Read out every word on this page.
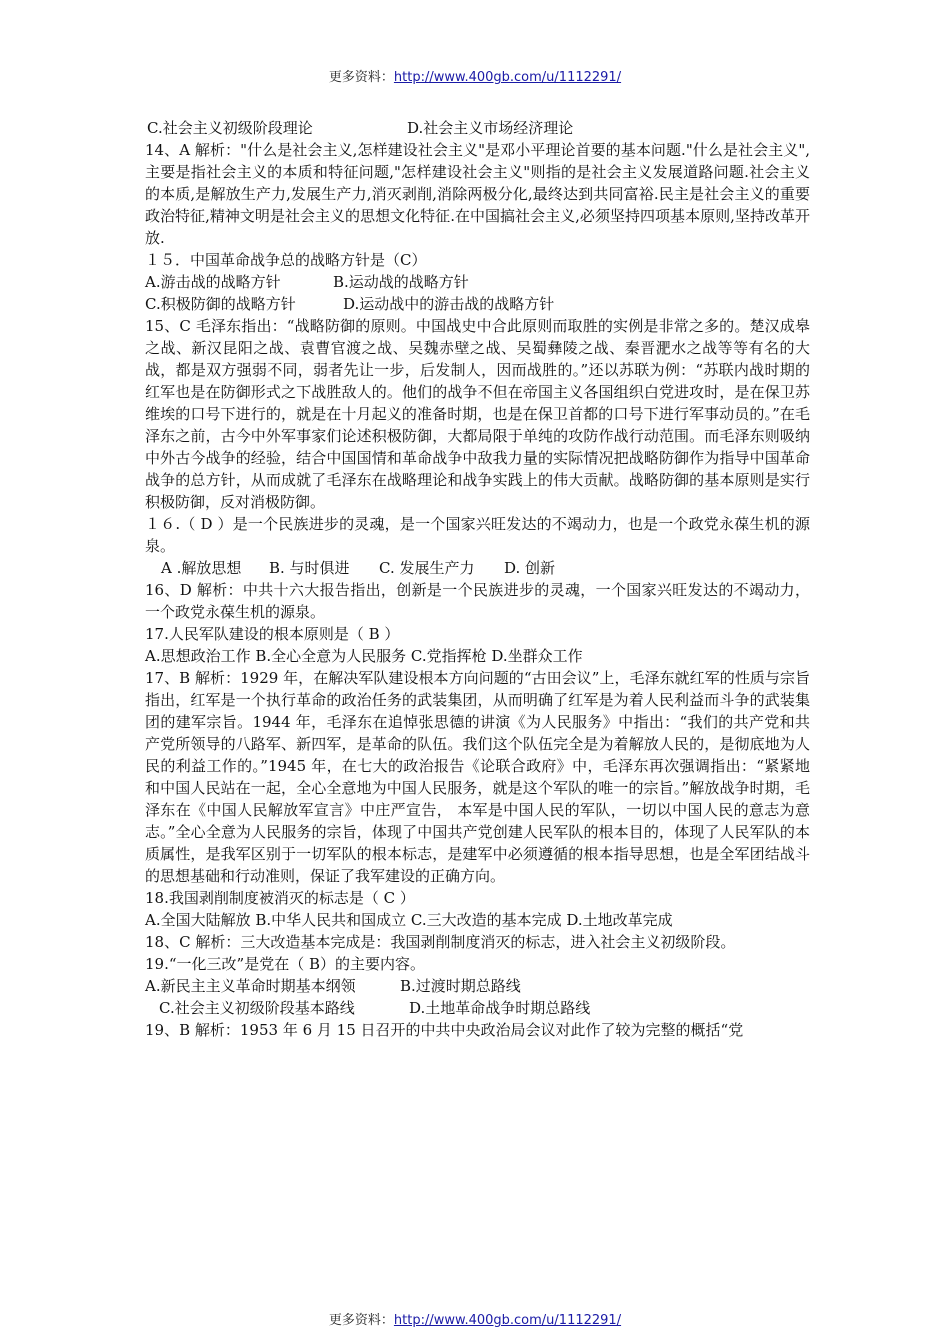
更多资料：http://www.400gb.com/u/1112291/

C.社会主义初级阶段理论	D.社会主义市场经济理论

14、A 解析："什么是社会主义,怎样建设社会主义"是邓小平理论首要的基本问题."什么是社会主义",主要是指社会主义的本质和特征问题,"怎样建设社会主义"则指的是社会主义发展道路问题.社会主义的本质,是解放生产力,发展生产力,消灭剥削,消除两极分化,最终达到共同富裕.民主是社会主义的重要政治特征,精神文明是社会主义的思想文化特征.在中国搞社会主义,必须坚持四项基本原则,坚持改革开放.

１５．中国革命战争总的战略方针是（C）

A.游击战的战略方针	B.运动战的战略方针

C.积极防御的战略方针	D.运动战中的游击战的战略方针

15、C 毛泽东指出：“战略防御的原则。中国战史中合此原则而取胜的实例是非常之多的。楚汉成皋之战、新汉昆阳之战、袁曹官渡之战、吴魏赤壁之战、吴蜀彝陵之战、秦晋淝水之战等等有名的大战，都是双方强弱不同，弱者先让一步，后发制人，因而战胜的。”还以苏联为例：“苏联内战时期的红军也是在防御形式之下战胜敌人的。他们的战争不但在帝国主义各国组织白党进攻时，是在保卫苏维埃的口号下进行的，就是在十月起义的准备时期，也是在保卫首都的口号下进行军事动员的。”在毛泽东之前，古今中外军事家们论述积极防御，大都局限于单纯的攻防作战行动范围。而毛泽东则吸纳中外古今战争的经验，结合中国国情和革命战争中敌我力量的实际情况把战略防御作为指导中国革命战争的总方针，从而成就了毛泽东在战略理论和战争实践上的伟大贡献。战略防御的基本原则是实行积极防御，反对消极防御。

１６.（ D ）是一个民族进步的灵魂，是一个国家兴旺发达的不竭动力，也是一个政党永葆生机的源泉。

A .解放思想 B. 与时俱进 C. 发展生产力 D. 创新

16、D 解析：中共十六大报告指出，创新是一个民族进步的灵魂，一个国家兴旺发达的不竭动力，一个政党永葆生机的源泉。

17.人民军队建设的根本原则是（ B ）

A.思想政治工作 B.全心全意为人民服务 C.党指挥枪 D.坐群众工作

17、B 解析：1929 年，在解决军队建设根本方向问题的“古田会议”上，毛泽东就红军的性质与宗旨指出，红军是一个执行革命的政治任务的武装集团，从而明确了红军是为着人民利益而斗争的武装集团的建军宗旨。1944 年，毛泽东在追悼张思德的讲演《为人民服务》中指出：“我们的共产党和共产党所领导的八路军、新四军，是革命的队伍。我们这个队伍完全是为着解放人民的，是彻底地为人民的利益工作的。”1945 年，在七大的政治报告《论联合政府》中，毛泽东再次强调指出：“紧紧地和中国人民站在一起，全心全意地为中国人民服务，就是这个军队的唯一的宗旨。”解放战争时期，毛泽东在《中国人民解放军宣言》中庄严宣告， 本军是中国人民的军队，一切以中国人民的意志为意志。”全心全意为人民服务的宗旨，体现了中国共产党创建人民军队的根本目的，体现了人民军队的本质属性，是我军区别于一切军队的根本标志，是建军中必须遵循的根本指导思想，也是全军团结战斗的思想基础和行动准则，保证了我军建设的正确方向。

18.我国剥削制度被消灭的标志是（ C ）

A.全国大陆解放 B.中华人民共和国成立 C.三大改造的基本完成 D.土地改革完成

18、C 解析：三大改造基本完成是：我国剥削制度消灭的标志，进入社会主义初级阶段。

19.“一化三改”是党在（ B）的主要内容。

A.新民主主义革命时期基本纲领	B.过渡时期总路线

C.社会主义初级阶段基本路线	D.土地革命战争时期总路线

19、B 解析：1953 年 6 月 15 日召开的中共中央政治局会议对此作了较为完整的概括“党

更多资料：http://www.400gb.com/u/1112291/
